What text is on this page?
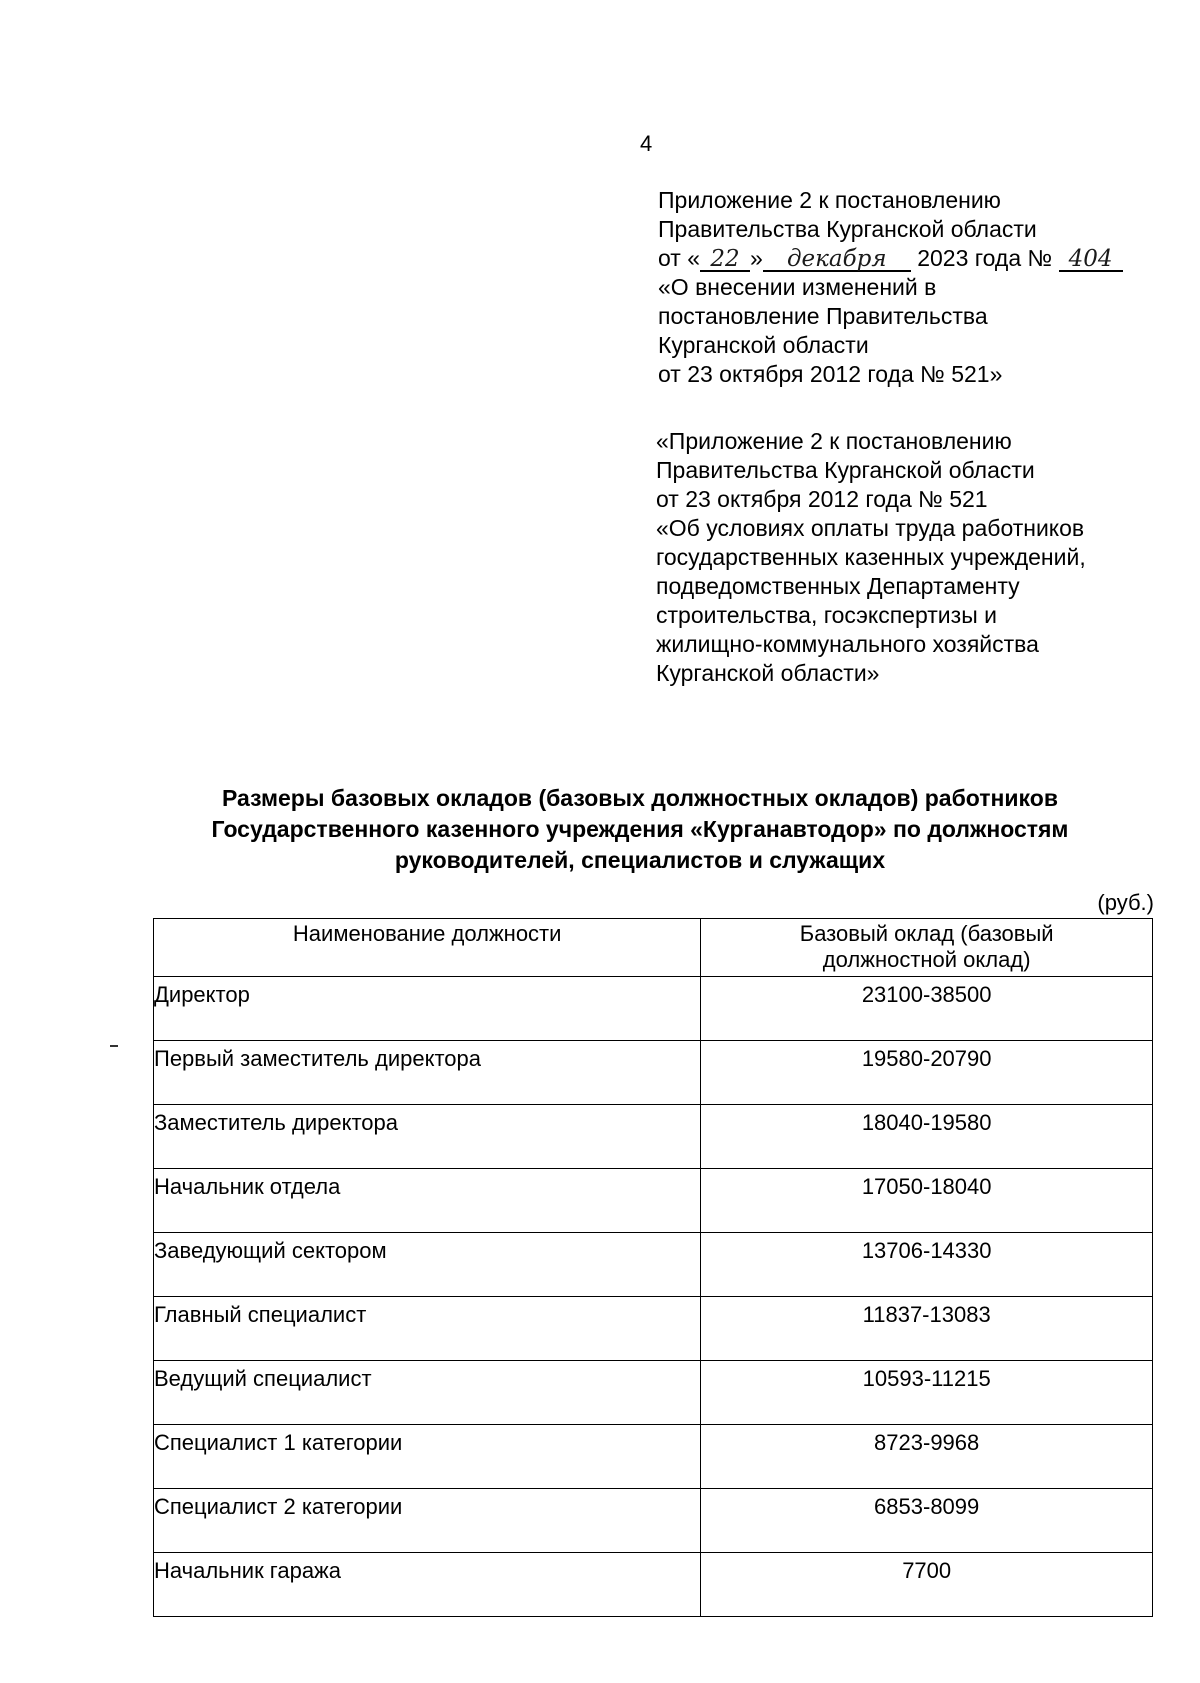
4
Приложение 2 к постановлению
Правительства Курганской области
от « 22 » декабря 2023 года № 404
«О внесении изменений в
постановление Правительства
Курганской области
от 23 октября 2012 года № 521»
«Приложение 2 к постановлению
Правительства Курганской области
от 23 октября 2012 года № 521
«Об условиях оплаты труда работников
государственных казенных учреждений,
подведомственных Департаменту
строительства, госэкспертизы и
жилищно-коммунального хозяйства
Курганской области»
Размеры базовых окладов (базовых должностных окладов) работников
Государственного казенного учреждения «Курганавтодор» по должностям
руководителей, специалистов и служащих
(руб.)
Наименование должности	Базовый оклад (базовый
должностной оклад)

Директор	23100-38500
Первый заместитель директора	19580-20790
Заместитель директора	18040-19580
Начальник отдела	17050-18040
Заведующий сектором	13706-14330
Главный специалист	11837-13083
Ведущий специалист	10593-11215
Специалист 1 категории	8723-9968
Специалист 2 категории	6853-8099
Начальник гаража	7700
